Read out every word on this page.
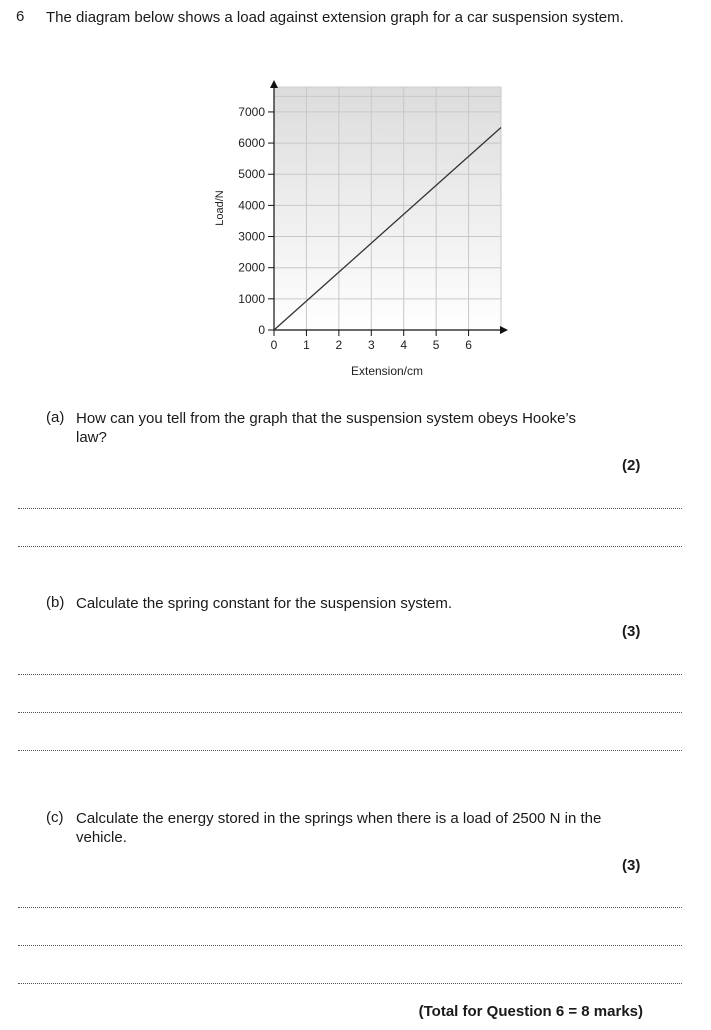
6 The diagram below shows a load against extension graph for a car suspension system.
0
1000
2000
3000
4000
5000
6000
7000
0 1 2 3 4 5 6
Load/N
Extension/cm
(a) How can you tell from the graph that the suspension system obeys Hooke’s law?
(2)
(b) Calculate the spring constant for the suspension system.
(3)
(c) Calculate the energy stored in the springs when there is a load of 2500 N in the vehicle.
(3)
(Total for Question 6 = 8 marks)
